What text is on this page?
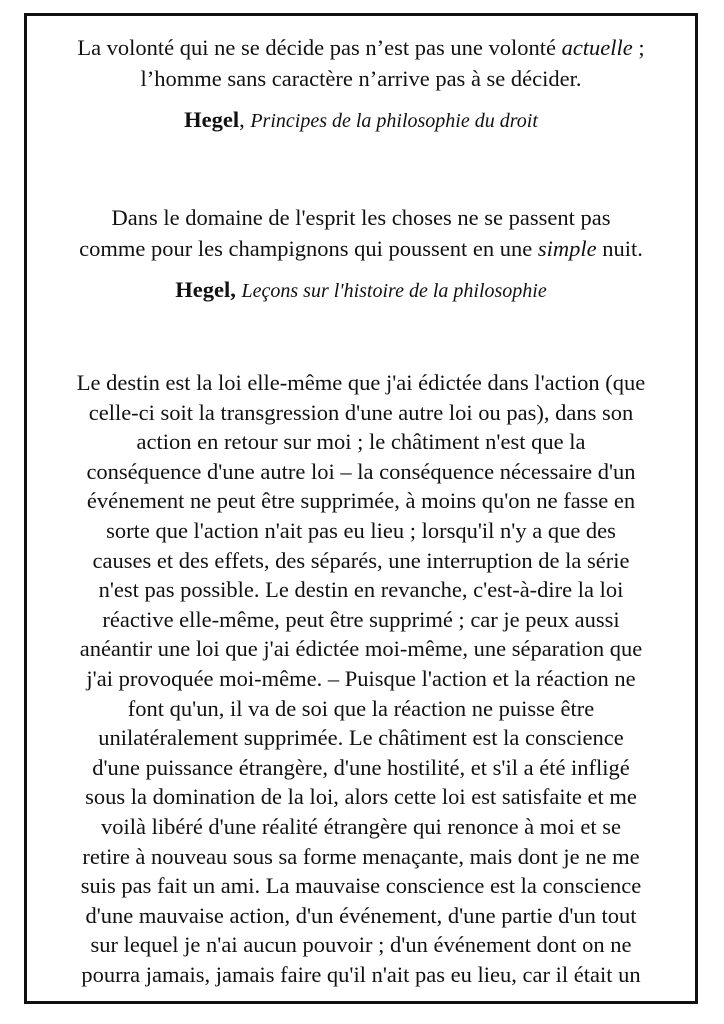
La volonté qui ne se décide pas n’est pas une volonté actuelle ;
l’homme sans caractère n’arrive pas à se décider.

Hegel, Principes de la philosophie du droit

Dans le domaine de l'esprit les choses ne se passent pas
comme pour les champignons qui poussent en une simple nuit.

Hegel, Leçons sur l'histoire de la philosophie

Le destin est la loi elle-même que j'ai édictée dans l'action (que
celle-ci soit la transgression d'une autre loi ou pas), dans son
action en retour sur moi ; le châtiment n'est que la
conséquence d'une autre loi – la conséquence nécessaire d'un
événement ne peut être supprimée, à moins qu'on ne fasse en
sorte que l'action n'ait pas eu lieu ; lorsqu'il n'y a que des
causes et des effets, des séparés, une interruption de la série
n'est pas possible. Le destin en revanche, c'est-à-dire la loi
réactive elle-même, peut être supprimé ; car je peux aussi
anéantir une loi que j'ai édictée moi-même, une séparation que
j'ai provoquée moi-même. – Puisque l'action et la réaction ne
font qu'un, il va de soi que la réaction ne puisse être
unilatéralement supprimée. Le châtiment est la conscience
d'une puissance étrangère, d'une hostilité, et s'il a été infligé
sous la domination de la loi, alors cette loi est satisfaite et me
voilà libéré d'une réalité étrangère qui renonce à moi et se
retire à nouveau sous sa forme menaçante, mais dont je ne me
suis pas fait un ami. La mauvaise conscience est la conscience
d'une mauvaise action, d'un événement, d'une partie d'un tout
sur lequel je n'ai aucun pouvoir ; d'un événement dont on ne
pourra jamais, jamais faire qu'il n'ait pas eu lieu, car il était un
